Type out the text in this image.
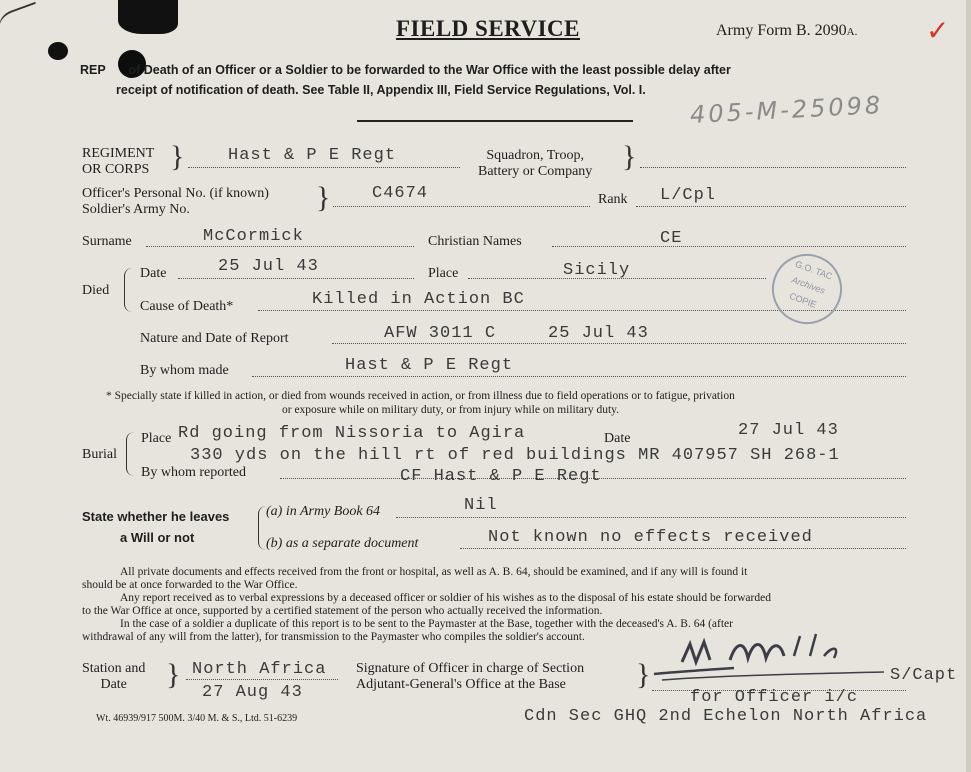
FIELD SERVICE	Army Form B. 2090A. ✓
REP of Death of an Officer or a Soldier to be forwarded to the War Office with the least possible delay after
receipt of notification of death. See Table II, Appendix III, Field Service Regulations, Vol. I.
405-M-25098
REGIMENT
OR CORPS }	Hast & P E Regt	Squadron, Troop,
Battery or Company }
Officer's Personal No. (if known)
Soldier's Army No.	} C4674	Rank L/Cpl
Surname	McCormick	Christian Names	CE
Died
Date	25 Jul 43	Place	Sicily
Cause of Death*	Killed in Action BC
G.O. TAC
Archives
COPIE
Nature and Date of Report	AFW 3011 C	25 Jul 43
By whom made	Hast & P E Regt
* Specially state if killed in action, or died from wounds received in action, or from illness due to field operations or to fatigue, privation
or exposure while on military duty, or from injury while on military duty.
Burial
Place Rd going from Nissoria to Agira	Date	27 Jul 43
330 yds on the hill rt of red buildings MR 407957 SH 268-1
By whom reported	CF Hast & P E Regt
State whether he leaves
a Will or not
(a) in Army Book 64	Nil
(b) as a separate document	Not known no effects received
All private documents and effects received from the front or hospital, as well as A. B. 64, should be examined, and if any will is found it
should be at once forwarded to the War Office.
Any report received as to verbal expressions by a deceased officer or soldier of his wishes as to the disposal of his estate should be forwarded
to the War Office at once, supported by a certified statement of the person who actually received the information.
In the case of a soldier a duplicate of this report is to be sent to the Paymaster at the Base, together with the deceased's A. B. 64 (after
withdrawal of any will from the latter), for transmission to the Paymaster who compiles the soldier's account.
Station and
Date	} North Africa
27 Aug 43
Signature of Officer in charge of Section
Adjutant-General's Office at the Base	}	S/Capt
for Officer i/c
Cdn Sec GHQ 2nd Echelon North Africa
Wt. 46939/917 500M. 3/40 M. & S., Ltd. 51-6239
